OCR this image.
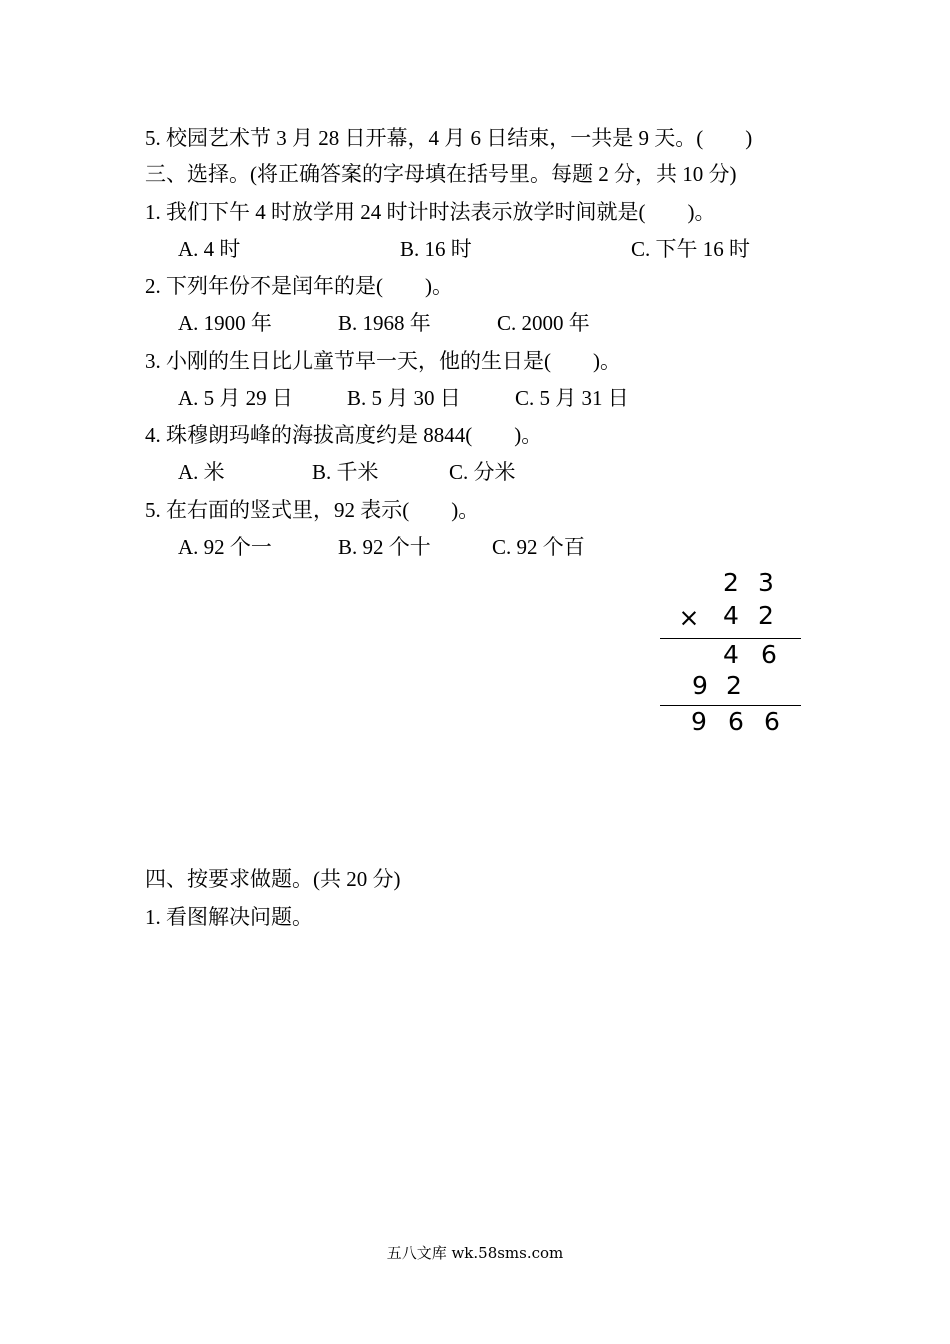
5. 校园艺术节 3 月 28 日开幕，4 月 6 日结束，一共是 9 天。(　　)
三、选择。(将正确答案的字母填在括号里。每题 2 分，共 10 分)
1. 我们下午 4 时放学用 24 时计时法表示放学时间就是(　　)。
A. 4 时	B. 16 时	C. 下午 16 时
2. 下列年份不是闰年的是(　　)。
A. 1900 年	B. 1968 年	C. 2000 年
3. 小刚的生日比儿童节早一天，他的生日是(　　)。
A. 5 月 29 日	B. 5 月 30 日	C. 5 月 31 日
4. 珠穆朗玛峰的海拔高度约是 8844(　　)。
A. 米	B. 千米	C. 分米
5. 在右面的竖式里，92 表示(　　)。
A. 92 个一	B. 92 个十	C. 92 个百
2 3
× 4 2
4 6
9 2
9 6 6
四、按要求做题。(共 20 分)
1. 看图解决问题。
五八文库 wk.58sms.com
